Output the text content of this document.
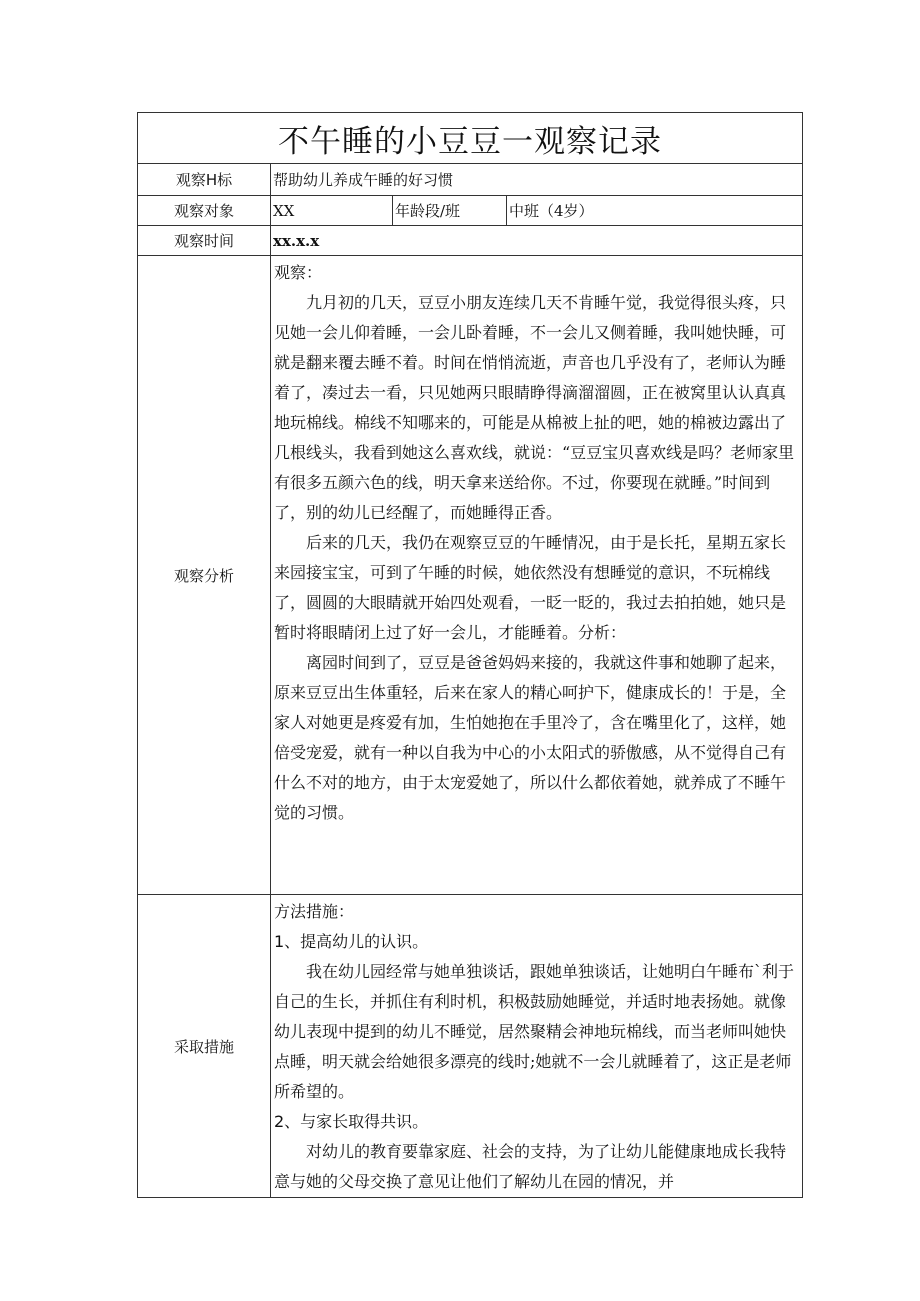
不午睡的小豆豆一观察记录			
观察H标	帮助幼儿养成午睡的好习惯		
观察对象	XX	年龄段/班	中班（4岁）
观察时间	xx.x.x		
观察分析	观察：

九月初的几天，豆豆小朋友连续几天不肯睡午觉，我觉得很头疼，只见她一会儿仰着睡，一会儿卧着睡，不一会儿又侧着睡，我叫她快睡，可就是翻来覆去睡不着。时间在悄悄流逝，声音也几乎没有了，老师认为睡着了，凑过去一看，只见她两只眼睛睁得滴溜溜圆，正在被窝里认认真真地玩棉线。棉线不知哪来的，可能是从棉被上扯的吧，她的棉被边露出了几根线头，我看到她这么喜欢线，就说：“豆豆宝贝喜欢线是吗？老师家里有很多五颜六色的线，明天拿来送给你。不过，你要现在就睡。”时间到了，别的幼儿已经醒了，而她睡得正香。

后来的几天，我仍在观察豆豆的午睡情况，由于是长托，星期五家长来园接宝宝，可到了午睡的时候，她依然没有想睡觉的意识，不玩棉线了，圆圆的大眼睛就开始四处观看，一眨一眨的，我过去拍拍她，她只是暂时将眼睛闭上过了好一会儿，才能睡着。分析：

离园时间到了，豆豆是爸爸妈妈来接的，我就这件事和她聊了起来，原来豆豆出生体重轻，后来在家人的精心呵护下，健康成长的！于是，全家人对她更是疼爱有加，生怕她抱在手里冷了，含在嘴里化了，这样，她倍受宠爱，就有一种以自我为中心的小太阳式的骄傲感，从不觉得自己有什么不对的地方，由于太宠爱她了，所以什么都依着她，就养成了不睡午觉的习惯。		

采取措施	方法措施：

1、提高幼儿的认识。

我在幼儿园经常与她单独谈话，跟她单独谈话，让她明白午睡布`利于自己的生长，并抓住有利时机，积极鼓励她睡觉，并适时地表扬她。就像幼儿表现中提到的幼儿不睡觉，居然聚精会神地玩棉线，而当老师叫她快点睡，明天就会给她很多漂亮的线时;她就不一会儿就睡着了，这正是老师所希望的。

2、与家长取得共识。

对幼儿的教育要靠家庭、社会的支持，为了让幼儿能健康地成长我特意与她的父母交换了意见让他们了解幼儿在园的情况，并		
